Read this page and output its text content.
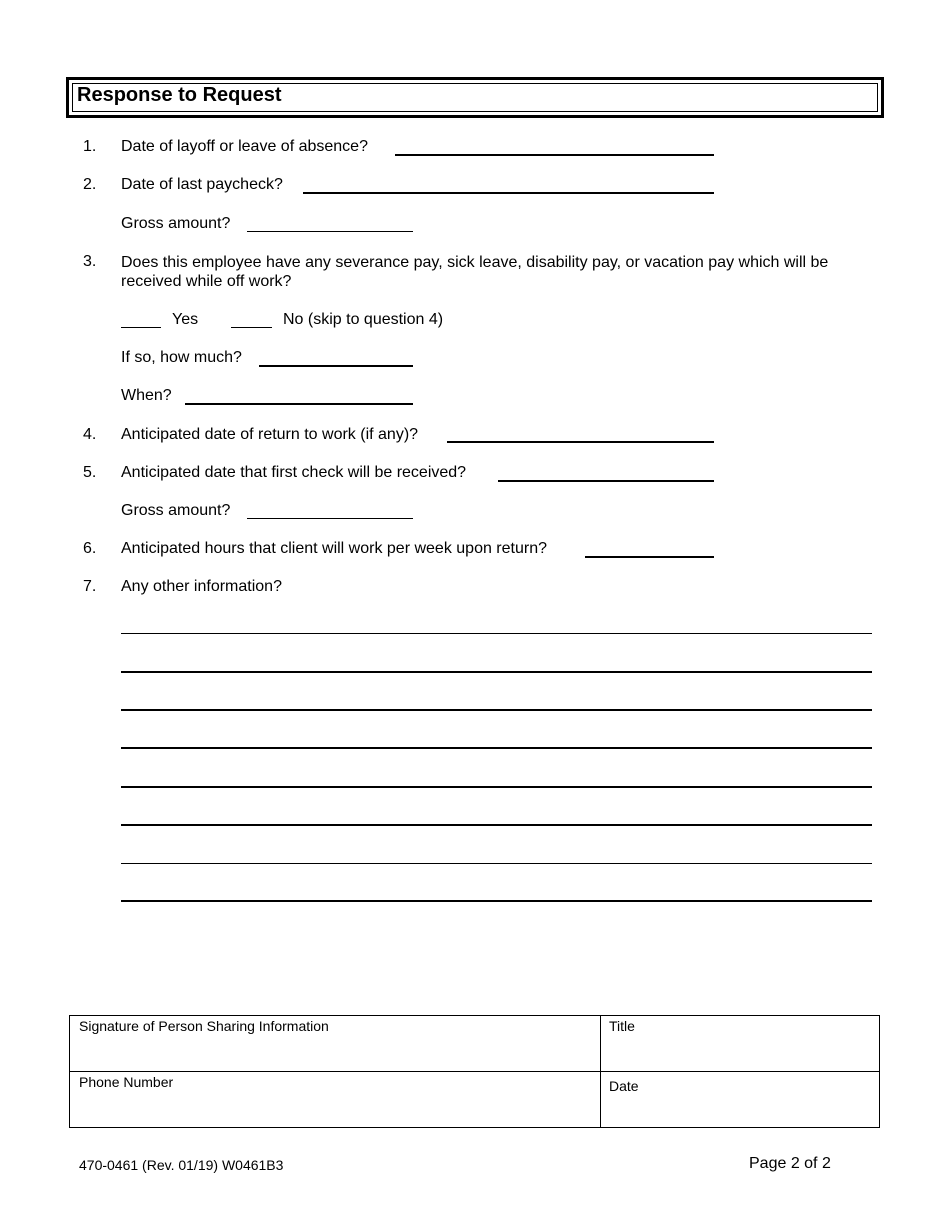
Response to Request
1. Date of layoff or leave of absence?
2. Date of last paycheck?
Gross amount?
3. Does this employee have any severance pay, sick leave, disability pay, or vacation pay which will be received while off work?
Yes	No (skip to question 4)
If so, how much?
When?
4. Anticipated date of return to work (if any)?
5. Anticipated date that first check will be received?
Gross amount?
6. Anticipated hours that client will work per week upon return?
7. Any other information?
Signature of Person Sharing Information	Title
Phone Number	Date
470-0461 (Rev. 01/19) W0461B3	Page 2 of 2
